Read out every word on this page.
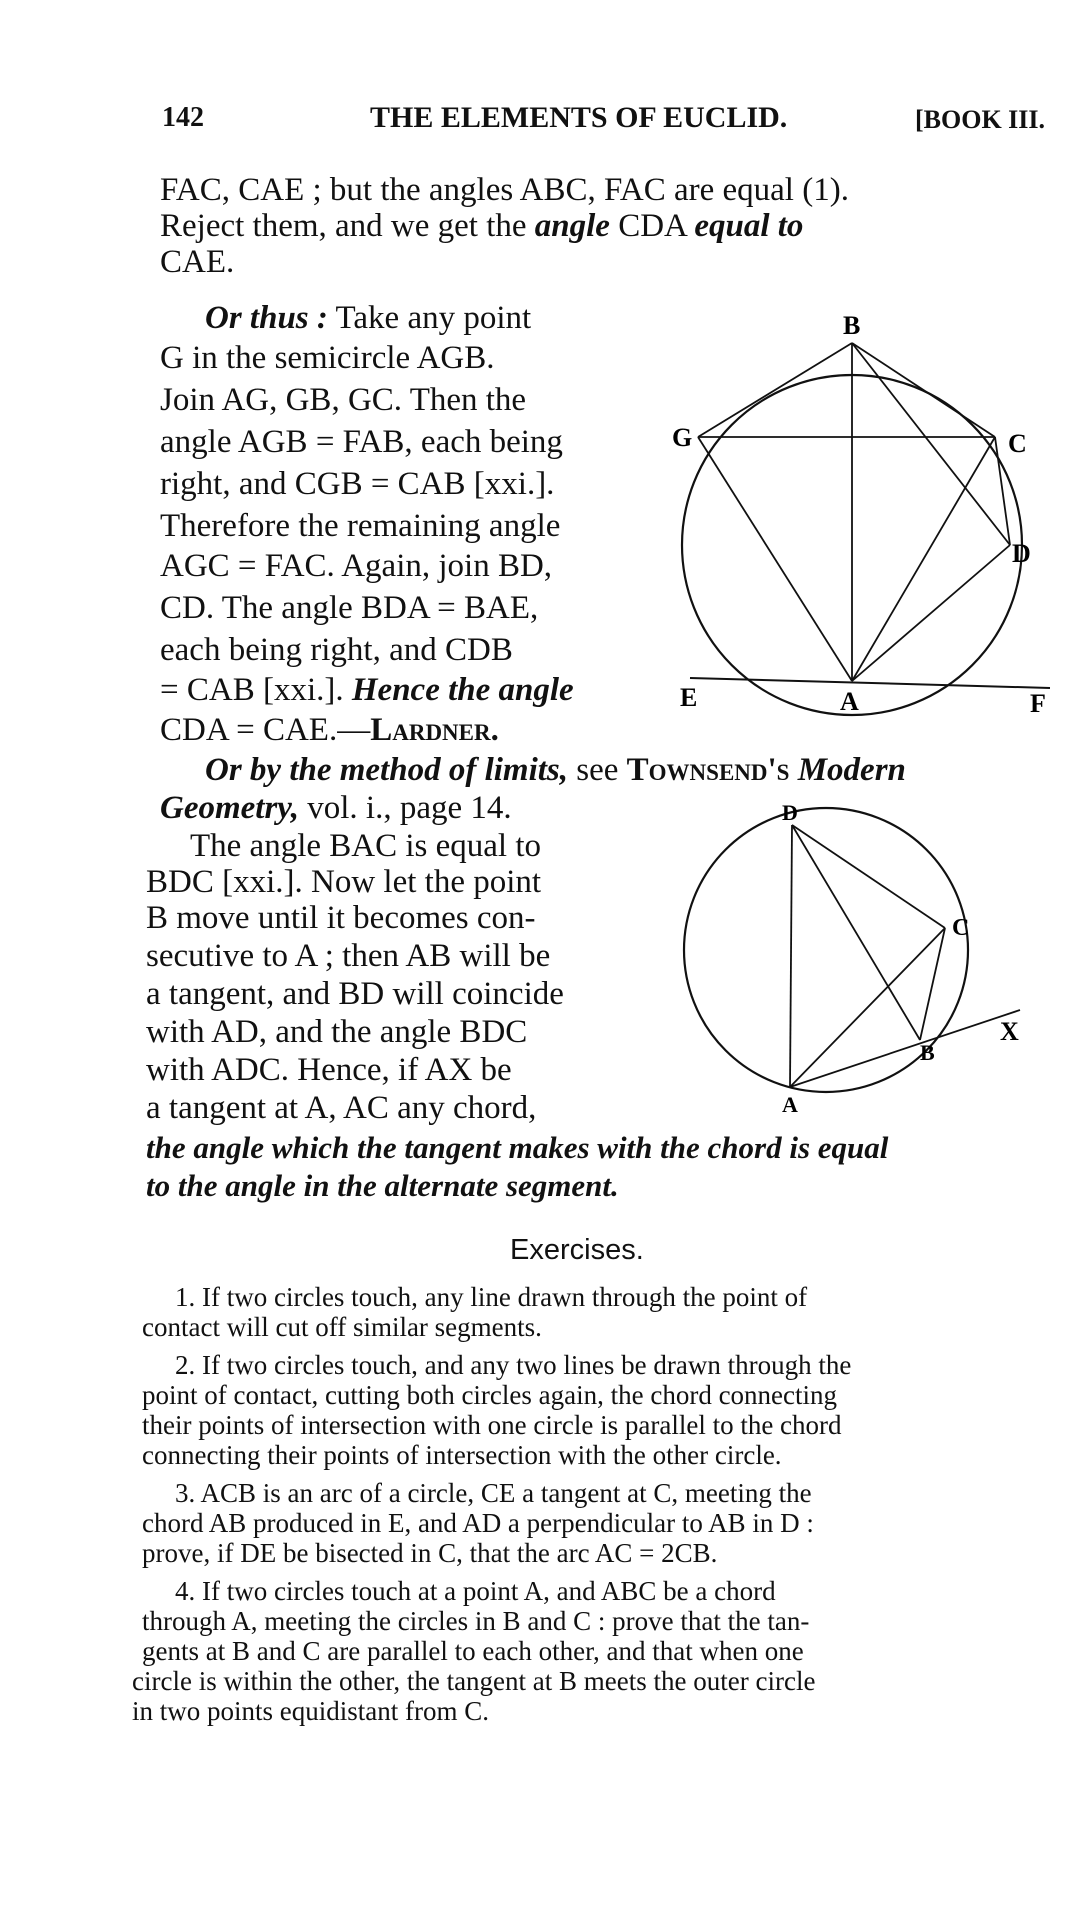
142	THE ELEMENTS OF EUCLID.	[BOOK III.
FAC, CAE ; but the angles ABC, FAC are equal (1).
Reject them, and we get the angle CDA equal to
CAE.
Or thus : Take any point
G in the semicircle AGB.
Join AG, GB, GC. Then the
angle AGB = FAB, each being
right, and CGB = CAB [xxi.].
Therefore the remaining angle
AGC = FAC. Again, join BD,
CD. The angle BDA = BAE,
each being right, and CDB
= CAB [xxi.]. Hence the angle
CDA = CAE.—Lardner.
B
G	C
D
E	A	F
Or by the method of limits, see Townsend's Modern
Geometry, vol. i., page 14.
The angle BAC is equal to
BDC [xxi.]. Now let the point
B move until it becomes con-
secutive to A ; then AB will be
a tangent, and BD will coincide
with AD, and the angle BDC
with ADC. Hence, if AX be
a tangent at A, AC any chord,
the angle which the tangent makes with the chord is equal
to the angle in the alternate segment.
D
C
X
B
A
Exercises.
1. If two circles touch, any line drawn through the point of
contact will cut off similar segments.
2. If two circles touch, and any two lines be drawn through the
point of contact, cutting both circles again, the chord connecting
their points of intersection with one circle is parallel to the chord
connecting their points of intersection with the other circle.
3. ACB is an arc of a circle, CE a tangent at C, meeting the
chord AB produced in E, and AD a perpendicular to AB in D :
prove, if DE be bisected in C, that the arc AC = 2CB.
4. If two circles touch at a point A, and ABC be a chord
through A, meeting the circles in B and C : prove that the tan-
gents at B and C are parallel to each other, and that when one
circle is within the other, the tangent at B meets the outer circle
in two points equidistant from C.
